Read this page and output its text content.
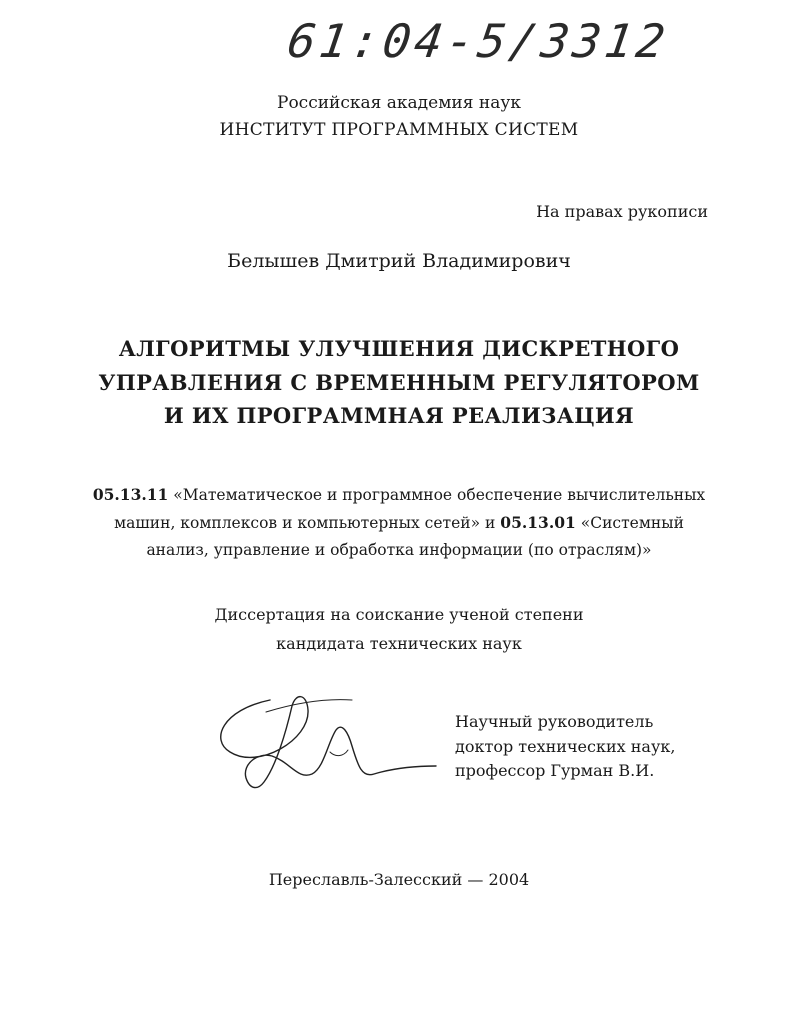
61:04-5/3312
Российская академия наук
ИНСТИТУТ ПРОГРАММНЫХ СИСТЕМ
На правах рукописи
Белышев Дмитрий Владимирович
АЛГОРИТМЫ УЛУЧШЕНИЯ ДИСКРЕТНОГО
УПРАВЛЕНИЯ С ВРЕМЕННЫМ РЕГУЛЯТОРОМ
И ИХ ПРОГРАММНАЯ РЕАЛИЗАЦИЯ
05.13.11 «Математическое и программное обеспечение вычислительных
машин, комплексов и компьютерных сетей» и 05.13.01 «Системный
анализ, управление и обработка информации (по отраслям)»
Диссертация на соискание ученой степени
кандидата технических наук
Научный руководитель
доктор технических наук,
профессор Гурман В.И.
Переславль-Залесский — 2004
